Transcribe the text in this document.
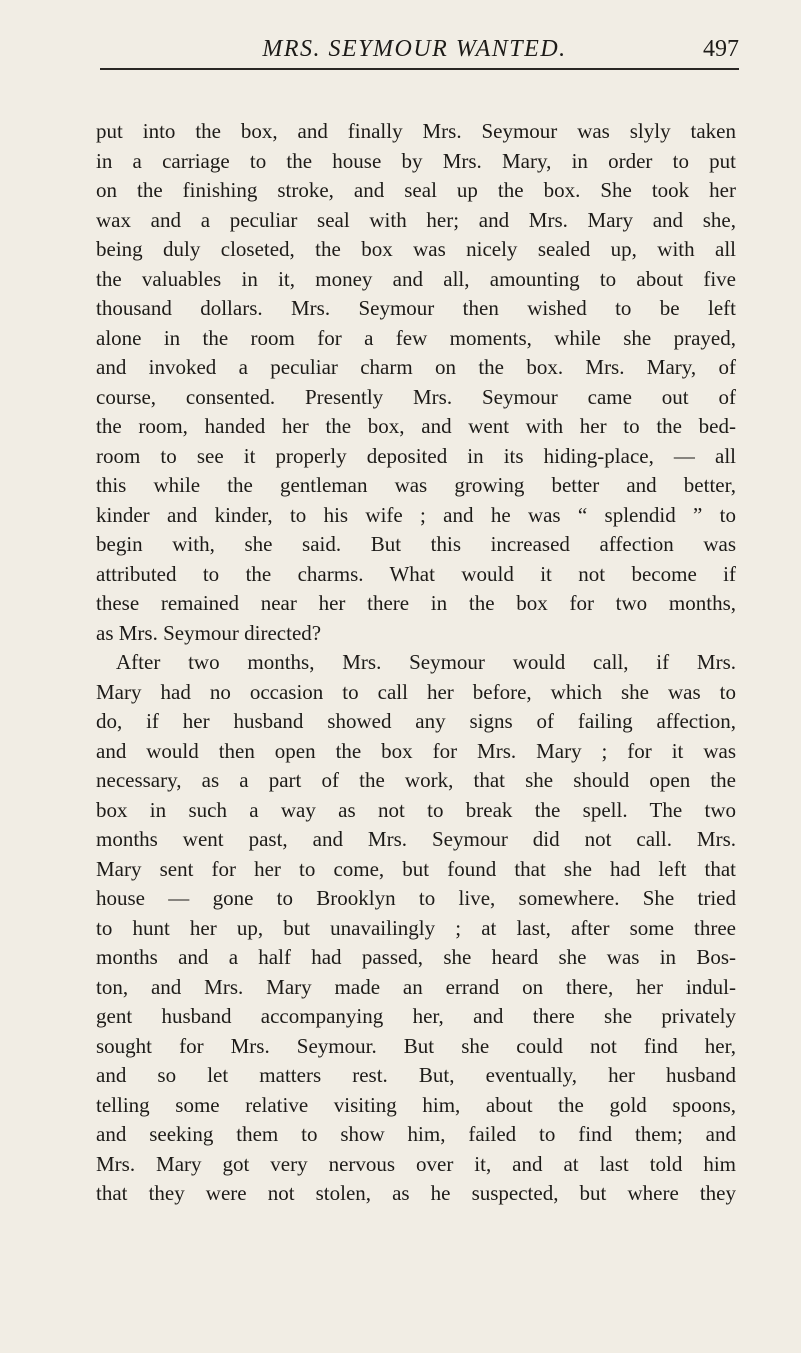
MRS. SEYMOUR WANTED.	497

put into the box, and finally Mrs. Seymour was slyly taken
in a carriage to the house by Mrs. Mary, in order to put
on the finishing stroke, and seal up the box. She took her
wax and a peculiar seal with her; and Mrs. Mary and she,
being duly closeted, the box was nicely sealed up, with all
the valuables in it, money and all, amounting to about five
thousand dollars. Mrs. Seymour then wished to be left
alone in the room for a few moments, while she prayed,
and invoked a peculiar charm on the box. Mrs. Mary, of
course, consented. Presently Mrs. Seymour came out of
the room, handed her the box, and went with her to the bed-
room to see it properly deposited in its hiding-place, — all
this while the gentleman was growing better and better,
kinder and kinder, to his wife ; and he was “ splendid ” to
begin with, she said. But this increased affection was
attributed to the charms. What would it not become if
these remained near her there in the box for two months,
as Mrs. Seymour directed?

After two months, Mrs. Seymour would call, if Mrs.
Mary had no occasion to call her before, which she was to
do, if her husband showed any signs of failing affection,
and would then open the box for Mrs. Mary ; for it was
necessary, as a part of the work, that she should open the
box in such a way as not to break the spell. The two
months went past, and Mrs. Seymour did not call. Mrs.
Mary sent for her to come, but found that she had left that
house — gone to Brooklyn to live, somewhere. She tried
to hunt her up, but unavailingly ; at last, after some three
months and a half had passed, she heard she was in Bos-
ton, and Mrs. Mary made an errand on there, her indul-
gent husband accompanying her, and there she privately
sought for Mrs. Seymour. But she could not find her,
and so let matters rest. But, eventually, her husband
telling some relative visiting him, about the gold spoons,
and seeking them to show him, failed to find them; and
Mrs. Mary got very nervous over it, and at last told him
that they were not stolen, as he suspected, but where they
